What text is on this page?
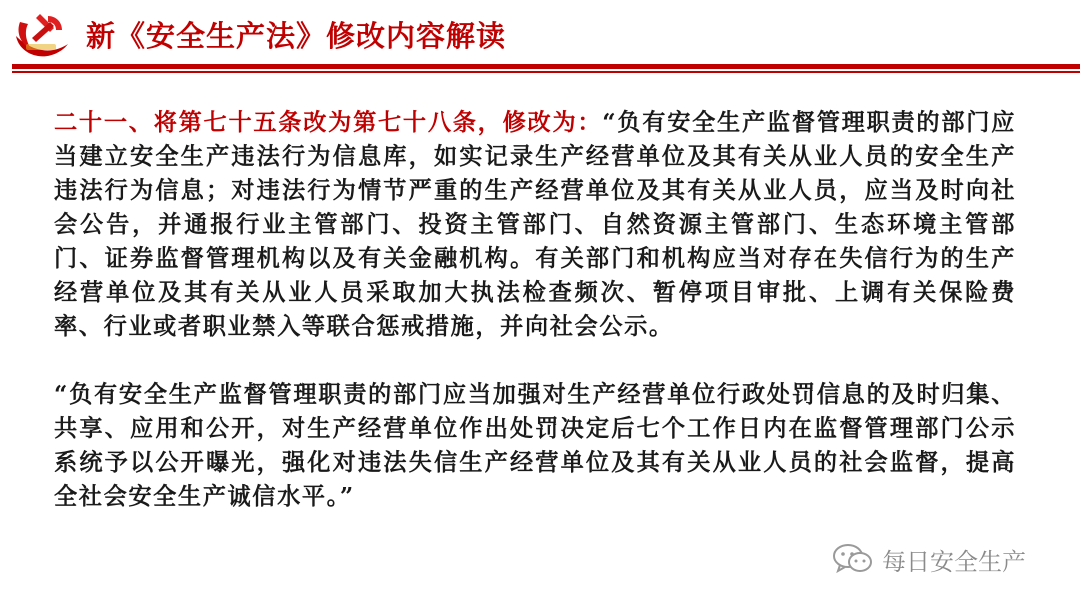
新《安全生产法》修改内容解读

二十一、将第七十五条改为第七十八条，修改为：“负有安全生产监督管理职责的部门应当建立安全生产违法行为信息库，如实记录生产经营单位及其有关从业人员的安全生产违法行为信息；对违法行为情节严重的生产经营单位及其有关从业人员，应当及时向社会公告，并通报行业主管部门、投资主管部门、自然资源主管部门、生态环境主管部门、证券监督管理机构以及有关金融机构。有关部门和机构应当对存在失信行为的生产经营单位及其有关从业人员采取加大执法检查频次、暂停项目审批、上调有关保险费率、行业或者职业禁入等联合惩戒措施，并向社会公示。

“负有安全生产监督管理职责的部门应当加强对生产经营单位行政处罚信息的及时归集、共享、应用和公开，对生产经营单位作出处罚决定后七个工作日内在监督管理部门公示系统予以公开曝光，强化对违法失信生产经营单位及其有关从业人员的社会监督，提高全社会安全生产诚信水平。”

每日安全生产
